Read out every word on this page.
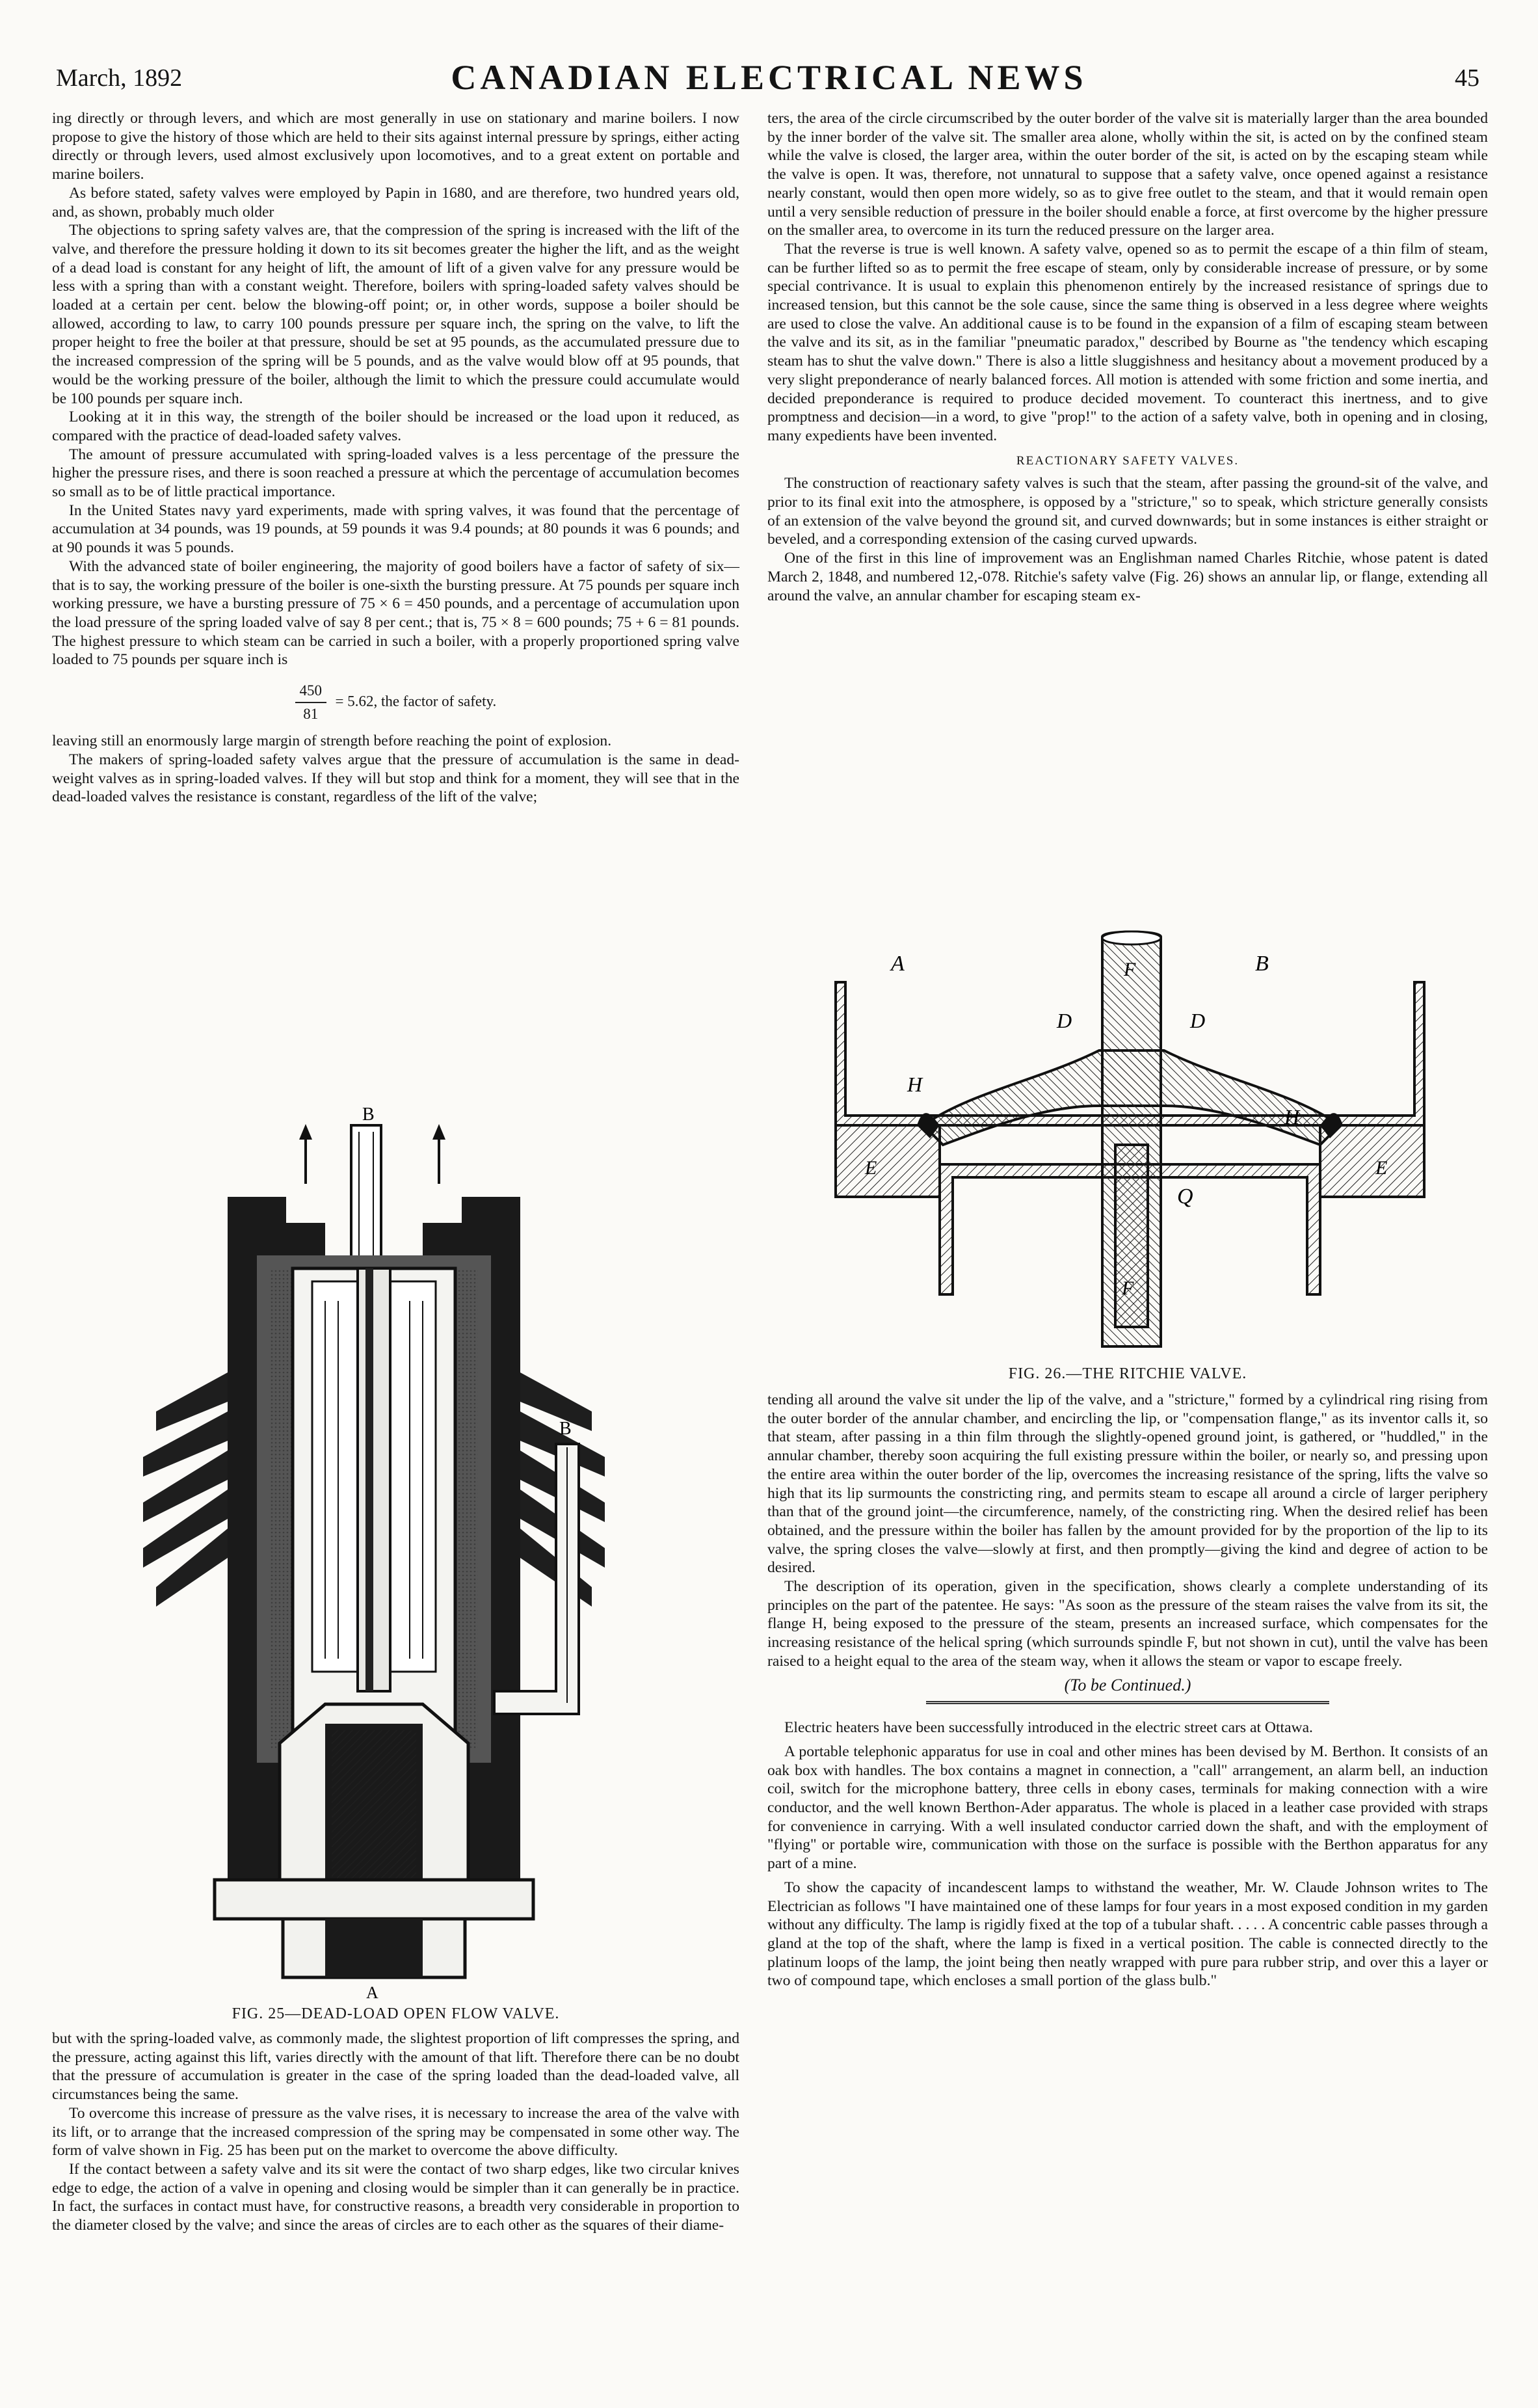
March, 1892	CANADIAN ELECTRICAL NEWS	45

ing directly or through levers, and which are most generally in use on stationary and marine boilers. I now propose to give the history of those which are held to their sits against internal pressure by springs, either acting directly or through levers, used almost exclusively upon locomotives, and to a great extent on portable and marine boilers.

As before stated, safety valves were employed by Papin in 1680, and are therefore, two hundred years old, and, as shown, probably much older

The objections to spring safety valves are, that the compression of the spring is increased with the lift of the valve, and therefore the pressure holding it down to its sit becomes greater the higher the lift, and as the weight of a dead load is constant for any height of lift, the amount of lift of a given valve for any pressure would be less with a spring than with a constant weight. Therefore, boilers with spring-loaded safety valves should be loaded at a certain per cent. below the blowing-off point; or, in other words, suppose a boiler should be allowed, according to law, to carry 100 pounds pressure per square inch, the spring on the valve, to lift the proper height to free the boiler at that pressure, should be set at 95 pounds, as the accumulated pressure due to the increased compression of the spring will be 5 pounds, and as the valve would blow off at 95 pounds, that would be the working pressure of the boiler, although the limit to which the pressure could accumulate would be 100 pounds per square inch.

Looking at it in this way, the strength of the boiler should be increased or the load upon it reduced, as compared with the practice of dead-loaded safety valves.

The amount of pressure accumulated with spring-loaded valves is a less percentage of the pressure the higher the pressure rises, and there is soon reached a pressure at which the percentage of accumulation becomes so small as to be of little practical importance.

In the United States navy yard experiments, made with spring valves, it was found that the percentage of accumulation at 34 pounds, was 19 pounds, at 59 pounds it was 9.4 pounds; at 80 pounds it was 6 pounds; and at 90 pounds it was 5 pounds.

With the advanced state of boiler engineering, the majority of good boilers have a factor of safety of six—that is to say, the working pressure of the boiler is one-sixth the bursting pressure. At 75 pounds per square inch working pressure, we have a bursting pressure of 75 × 6 = 450 pounds, and a percentage of accumulation upon the load pressure of the spring loaded valve of say 8 per cent.; that is, 75 × 8 = 600 pounds; 75 + 6 = 81 pounds. The highest pressure to which steam can be carried in such a boiler, with a properly proportioned spring valve loaded to 75 pounds per square inch is

$\frac{450}{81} = 5.62$, the factor of safety.

leaving still an enormously large margin of strength before reaching the point of explosion.

The makers of spring-loaded safety valves argue that the pressure of accumulation is the same in dead-weight valves as in spring-loaded valves. If they will but stop and think for a moment, they will see that in the dead-loaded valves the resistance is constant, regardless of the lift of the valve;

B
B
A
FIG. 25—DEAD-LOAD OPEN FLOW VALVE.

but with the spring-loaded valve, as commonly made, the slightest proportion of lift compresses the spring, and the pressure, acting against this lift, varies directly with the amount of that lift. Therefore there can be no doubt that the pressure of accumulation is greater in the case of the spring loaded than the dead-loaded valve, all circumstances being the same.

To overcome this increase of pressure as the valve rises, it is necessary to increase the area of the valve with its lift, or to arrange that the increased compression of the spring may be compensated in some other way. The form of valve shown in Fig. 25 has been put on the market to overcome the above difficulty.

If the contact between a safety valve and its sit were the contact of two sharp edges, like two circular knives edge to edge, the action of a valve in opening and closing would be simpler than it can generally be in practice. In fact, the surfaces in contact must have, for constructive reasons, a breadth very considerable in proportion to the diameter closed by the valve; and since the areas of circles are to each other as the squares of their diame-

ters, the area of the circle circumscribed by the outer border of the valve sit is materially larger than the area bounded by the inner border of the valve sit. The smaller area alone, wholly within the sit, is acted on by the confined steam while the valve is closed, the larger area, within the outer border of the sit, is acted on by the escaping steam while the valve is open. It was, therefore, not unnatural to suppose that a safety valve, once opened against a resistance nearly constant, would then open more widely, so as to give free outlet to the steam, and that it would remain open until a very sensible reduction of pressure in the boiler should enable a force, at first overcome by the higher pressure on the smaller area, to overcome in its turn the reduced pressure on the larger area.

That the reverse is true is well known. A safety valve, opened so as to permit the escape of a thin film of steam, can be further lifted so as to permit the free escape of steam, only by considerable increase of pressure, or by some special contrivance. It is usual to explain this phenomenon entirely by the increased resistance of springs due to increased tension, but this cannot be the sole cause, since the same thing is observed in a less degree where weights are used to close the valve. An additional cause is to be found in the expansion of a film of escaping steam between the valve and its sit, as in the familiar "pneumatic paradox," described by Bourne as "the tendency which escaping steam has to shut the valve down." There is also a little sluggishness and hesitancy about a movement produced by a very slight preponderance of nearly balanced forces. All motion is attended with some friction and some inertia, and decided preponderance is required to produce decided movement. To counteract this inertness, and to give promptness and decision—in a word, to give "prop!" to the action of a safety valve, both in opening and in closing, many expedients have been invented.

REACTIONARY SAFETY VALVES.

The construction of reactionary safety valves is such that the steam, after passing the ground-sit of the valve, and prior to its final exit into the atmosphere, is opposed by a "stricture," so to speak, which stricture generally consists of an extension of the valve beyond the ground sit, and curved downwards; but in some instances is either straight or beveled, and a corresponding extension of the casing curved upwards.

One of the first in this line of improvement was an Englishman named Charles Ritchie, whose patent is dated March 2, 1848, and numbered 12,-078. Ritchie's safety valve (Fig. 26) shows an annular lip, or flange, extending all around the valve, an annular chamber for escaping steam ex-

A	B
D	D
H
H
E	E
F
F
Q
FIG. 26.—THE RITCHIE VALVE.

tending all around the valve sit under the lip of the valve, and a "stricture," formed by a cylindrical ring rising from the outer border of the annular chamber, and encircling the lip, or "compensation flange," as its inventor calls it, so that steam, after passing in a thin film through the slightly-opened ground joint, is gathered, or "huddled," in the annular chamber, thereby soon acquiring the full existing pressure within the boiler, or nearly so, and pressing upon the entire area within the outer border of the lip, overcomes the increasing resistance of the spring, lifts the valve so high that its lip surmounts the constricting ring, and permits steam to escape all around a circle of larger periphery than that of the ground joint—the circumference, namely, of the constricting ring. When the desired relief has been obtained, and the pressure within the boiler has fallen by the amount provided for by the proportion of the lip to its valve, the spring closes the valve—slowly at first, and then promptly—giving the kind and degree of action to be desired.

The description of its operation, given in the specification, shows clearly a complete understanding of its principles on the part of the patentee. He says: "As soon as the pressure of the steam raises the valve from its sit, the flange H, being exposed to the pressure of the steam, presents an increased surface, which compensates for the increasing resistance of the helical spring (which surrounds spindle F, but not shown in cut), until the valve has been raised to a height equal to the area of the steam way, when it allows the steam or vapor to escape freely.

(To be Continued.)

Electric heaters have been successfully introduced in the electric street cars at Ottawa.

A portable telephonic apparatus for use in coal and other mines has been devised by M. Berthon. It consists of an oak box with handles. The box contains a magnet in connection, a "call" arrangement, an alarm bell, an induction coil, switch for the microphone battery, three cells in ebony cases, terminals for making connection with a wire conductor, and the well known Berthon-Ader apparatus. The whole is placed in a leather case provided with straps for convenience in carrying. With a well insulated conductor carried down the shaft, and with the employment of "flying" or portable wire, communication with those on the surface is possible with the Berthon apparatus for any part of a mine.

To show the capacity of incandescent lamps to withstand the weather, Mr. W. Claude Johnson writes to The Electrician as follows "I have maintained one of these lamps for four years in a most exposed condition in my garden without any difficulty. The lamp is rigidly fixed at the top of a tubular shaft. . . . . A concentric cable passes through a gland at the top of the shaft, where the lamp is fixed in a vertical position. The cable is connected directly to the platinum loops of the lamp, the joint being then neatly wrapped with pure para rubber strip, and over this a layer or two of compound tape, which encloses a small portion of the glass bulb."
